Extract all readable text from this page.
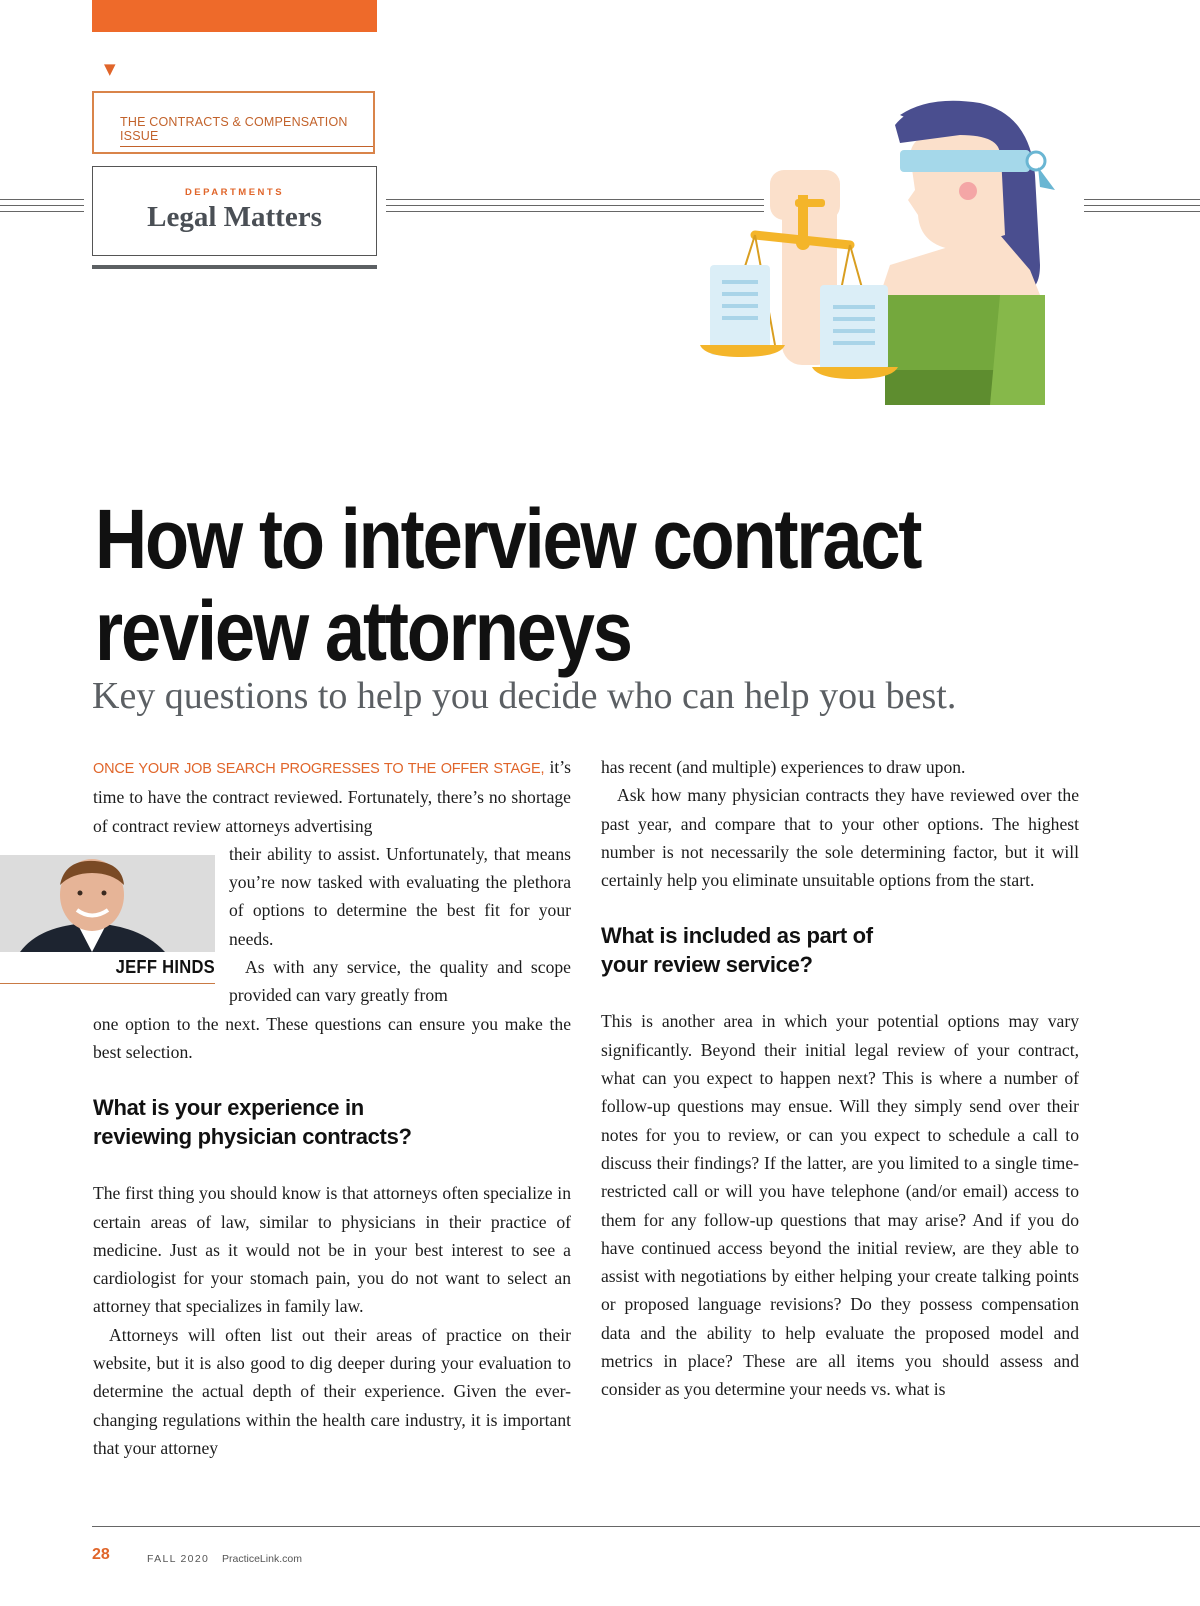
▼
THE CONTRACTS & COMPENSATION ISSUE
DEPARTMENTS
Legal Matters
How to interview contract
review attorneys
Key questions to help you decide who can help you best.
JEFF HINDS

ONCE YOUR JOB SEARCH PROGRESSES TO THE OFFER STAGE, it’s time to have the contract reviewed. Fortunately, there’s no shortage of contract review attorneys advertising

their ability to assist. Unfortunately, that means you’re now tasked with evaluating the plethora of options to determine the best fit for your needs.

As with any service, the quality and scope provided can vary greatly from

one option to the next. These questions can ensure you make the best selection.

What is your experience in
reviewing physician contracts?

The first thing you should know is that attorneys often specialize in certain areas of law, similar to physicians in their practice of medicine. Just as it would not be in your best interest to see a cardiologist for your stomach pain, you do not want to select an attorney that specializes in family law.

Attorneys will often list out their areas of practice on their website, but it is also good to dig deeper during your evaluation to determine the actual depth of their experience. Given the ever-changing regulations within the health care industry, it is important that your attorney

has recent (and multiple) experiences to draw upon.

Ask how many physician contracts they have reviewed over the past year, and compare that to your other options. The highest number is not necessarily the sole determining factor, but it will certainly help you eliminate unsuitable options from the start.

What is included as part of
your review service?

This is another area in which your potential options may vary significantly. Beyond their initial legal review of your contract, what can you expect to happen next? This is where a number of follow-up questions may ensue. Will they simply send over their notes for you to review, or can you expect to schedule a call to discuss their findings? If the latter, are you limited to a single time-restricted call or will you have telephone (and/or email) access to them for any follow-up questions that may arise? And if you do have continued access beyond the initial review, are they able to assist with negotiations by either helping your create talking points or proposed language revisions? Do they possess compensation data and the ability to help evaluate the proposed model and metrics in place? These are all items you should assess and consider as you determine your needs vs. what is

28	FALL 2020 PracticeLink.com
